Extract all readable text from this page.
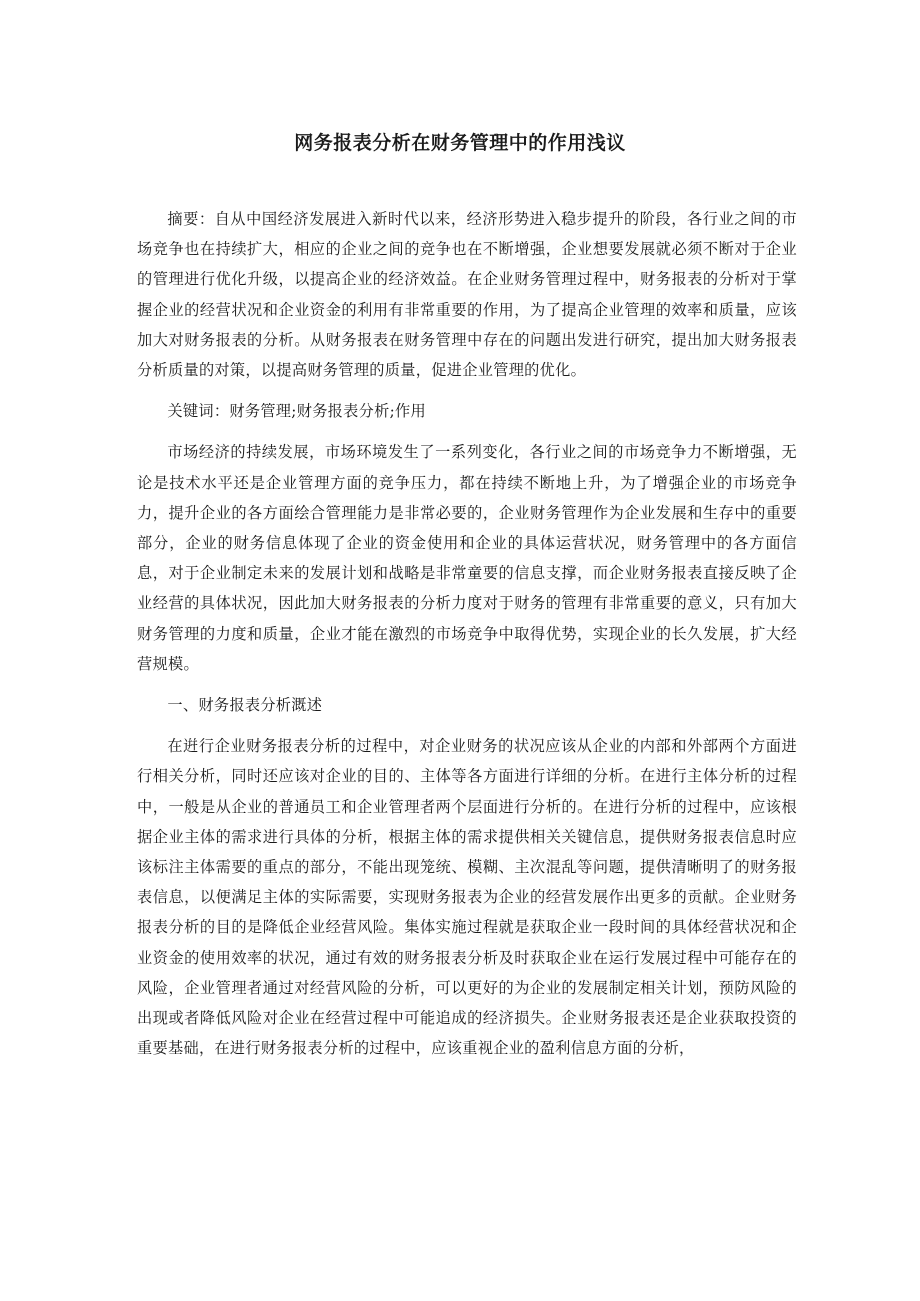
网务报表分析在财务管理中的作用浅议

摘要：自从中国经济发展进入新时代以来，经济形势进入稳步提升的阶段，各行业之间的市场竞争也在持续扩大，相应的企业之间的竞争也在不断增强，企业想要发展就必须不断对于企业的管理进行优化升级，以提高企业的经济效益。在企业财务管理过程中，财务报表的分析对于掌握企业的经营状况和企业资金的利用有非常重要的作用，为了提高企业管理的效率和质量，应该加大对财务报表的分析。从财务报表在财务管理中存在的问题出发进行研究，提出加大财务报表分析质量的对策，以提高财务管理的质量，促进企业管理的优化。

关键词：财务管理;财务报表分析;作用

市场经济的持续发展，市场环境发生了一系列变化，各行业之间的市场竞争力不断增强，无论是技术水平还是企业管理方面的竞争压力，都在持续不断地上升，为了增强企业的市场竞争力，提升企业的各方面绘合管理能力是非常必要的，企业财务管理作为企业发展和生存中的重要部分，企业的财务信息体现了企业的资金使用和企业的具体运营状况，财务管理中的各方面信息，对于企业制定未来的发展计划和战略是非常童要的信息支撑，而企业财务报表直接反映了企业经营的具体状况，因此加大财务报表的分析力度对于财务的管理有非常重要的意义，只有加大财务管理的力度和质量，企业才能在激烈的市场竞争中取得优势，实现企业的长久发展，扩大经营规模。

一、财务报表分析溉述

在逬行企业财务报表分析的过程中，对企业财务的状况应该从企业的内部和外部两个方面进行相关分析，同时还应该对企业的目的、主体等各方面进行详细的分析。在进行主体分析的过程中，一般是从企业的普通员工和企业管理者两个层面进行分析的。在进行分析的过程中，应该根据企业主体的需求进行具体的分析，根据主体的需求提供相关关键信息，提供财务报表信息时应该标注主体需要的重点的部分，不能出现笼统、模糊、主次混乱等问题，提供清晰明了的财务报表信息，以便满足主体的实际需要，实现财务报表为企业的经营发展作出更多的贡献。企业财务报表分析的目的是降低企业经营风险。集体实施过程就是获取企业一段时间的具体经营状况和企业资金的使用效率的状况，通过有效的财务报表分析及时获取企业在运行发展过程中可能存在的风险，企业管理者通过对经营风险的分析，可以更好的为企业的发展制定相关计划，预防风险的出现或者降低风险对企业在经营过程中可能追成的经济损失。企业财务报表还是企业获取投资的重要基础，在进行财务报表分析的过程中，应该重视企业的盈利信息方面的分析，
